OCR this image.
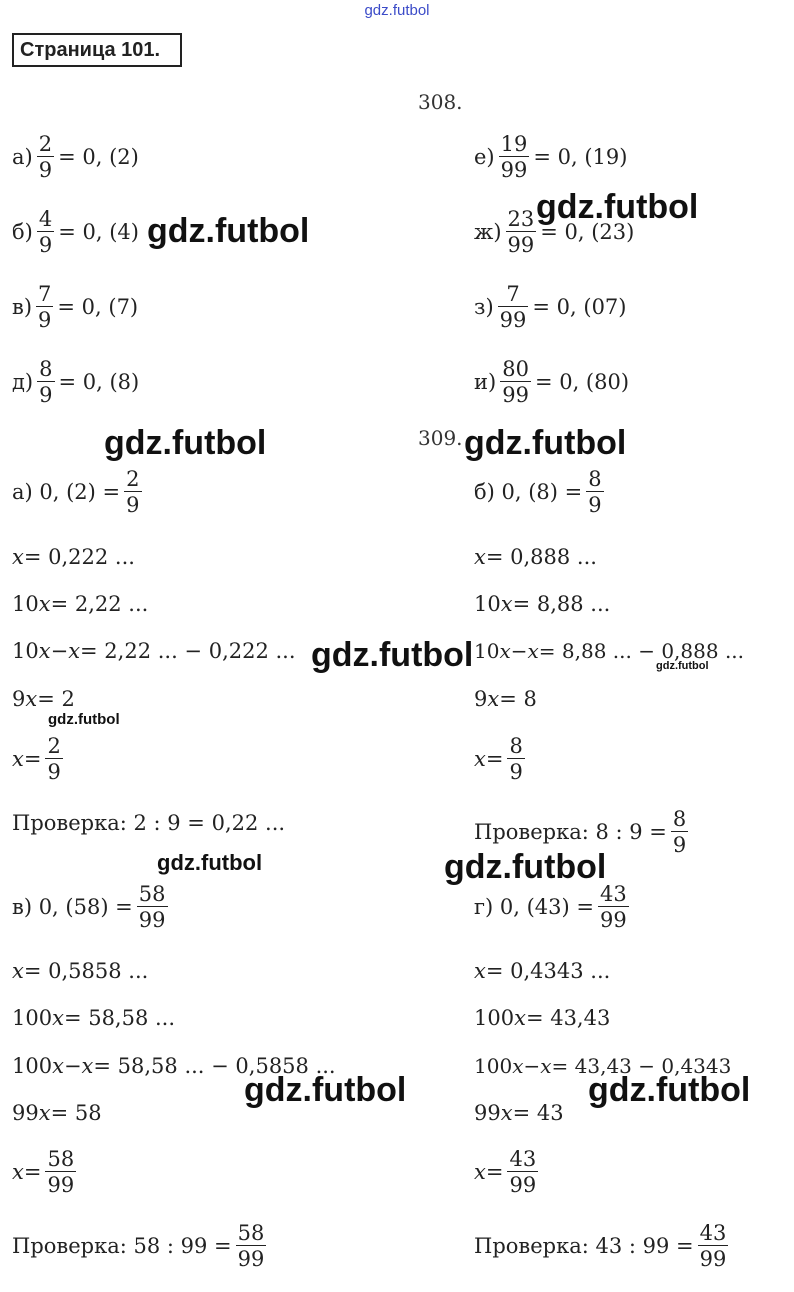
gdz.futbol
Страница 101.
308.
$а) \frac{2}{9} = 0$, (2)
$б) \frac{4}{9} = 0$, (4)
$в) \frac{7}{9} = 0$, (7)
$д) \frac{8}{9} = 0$, (8)
$е) \frac{19}{99} = 0$, (19)
$ж) \frac{23}{99} = 0$, (23)
$з) \frac{7}{99} = 0$, (07)
$и) \frac{80}{99} = 0$, (80)
309.
а) 0, $(2) = \frac{2}{9}$
x = 0,222 ...
10 x = 2,22 ...
10 x − x = 2,22 ... − 0,222 ...
9 x = 2
$x = \frac{2}{9}$
Проверка: 2 : 9 = 0,22 ...
б) 0, $(8) = \frac{8}{9}$
x = 0,888 ...
10 x = 8,88 ...
10 x − x = 8,88 ... − 0,888 ...
9 x = 8
$x = \frac{8}{9}$
Проверка: 8 : $9 = \frac{8}{9}$
в) 0, $(58) = \frac{58}{99}$
x = 0,5858 ...
100 x = 58,58 ...
100 x − x = 58,58 ... − 0,5858 ...
99 x = 58
$x = \frac{58}{99}$
Проверка: 58 : $99 = \frac{58}{99}$
г) 0, $(43) = \frac{43}{99}$
x = 0,4343 ...
100 x = 43,43
100 x − x = 43,43 − 0,4343
99 x = 43
$x = \frac{43}{99}$
Проверка: 43 : $99 = \frac{43}{99}$
gdz.futbol
gdz.futbol
gdz.futbol	gdz.futbol
gdz.futbol	gdz.futbol
gdz.futbol
gdz.futbol	gdz.futbol
gdz.futbol	gdz.futbol
